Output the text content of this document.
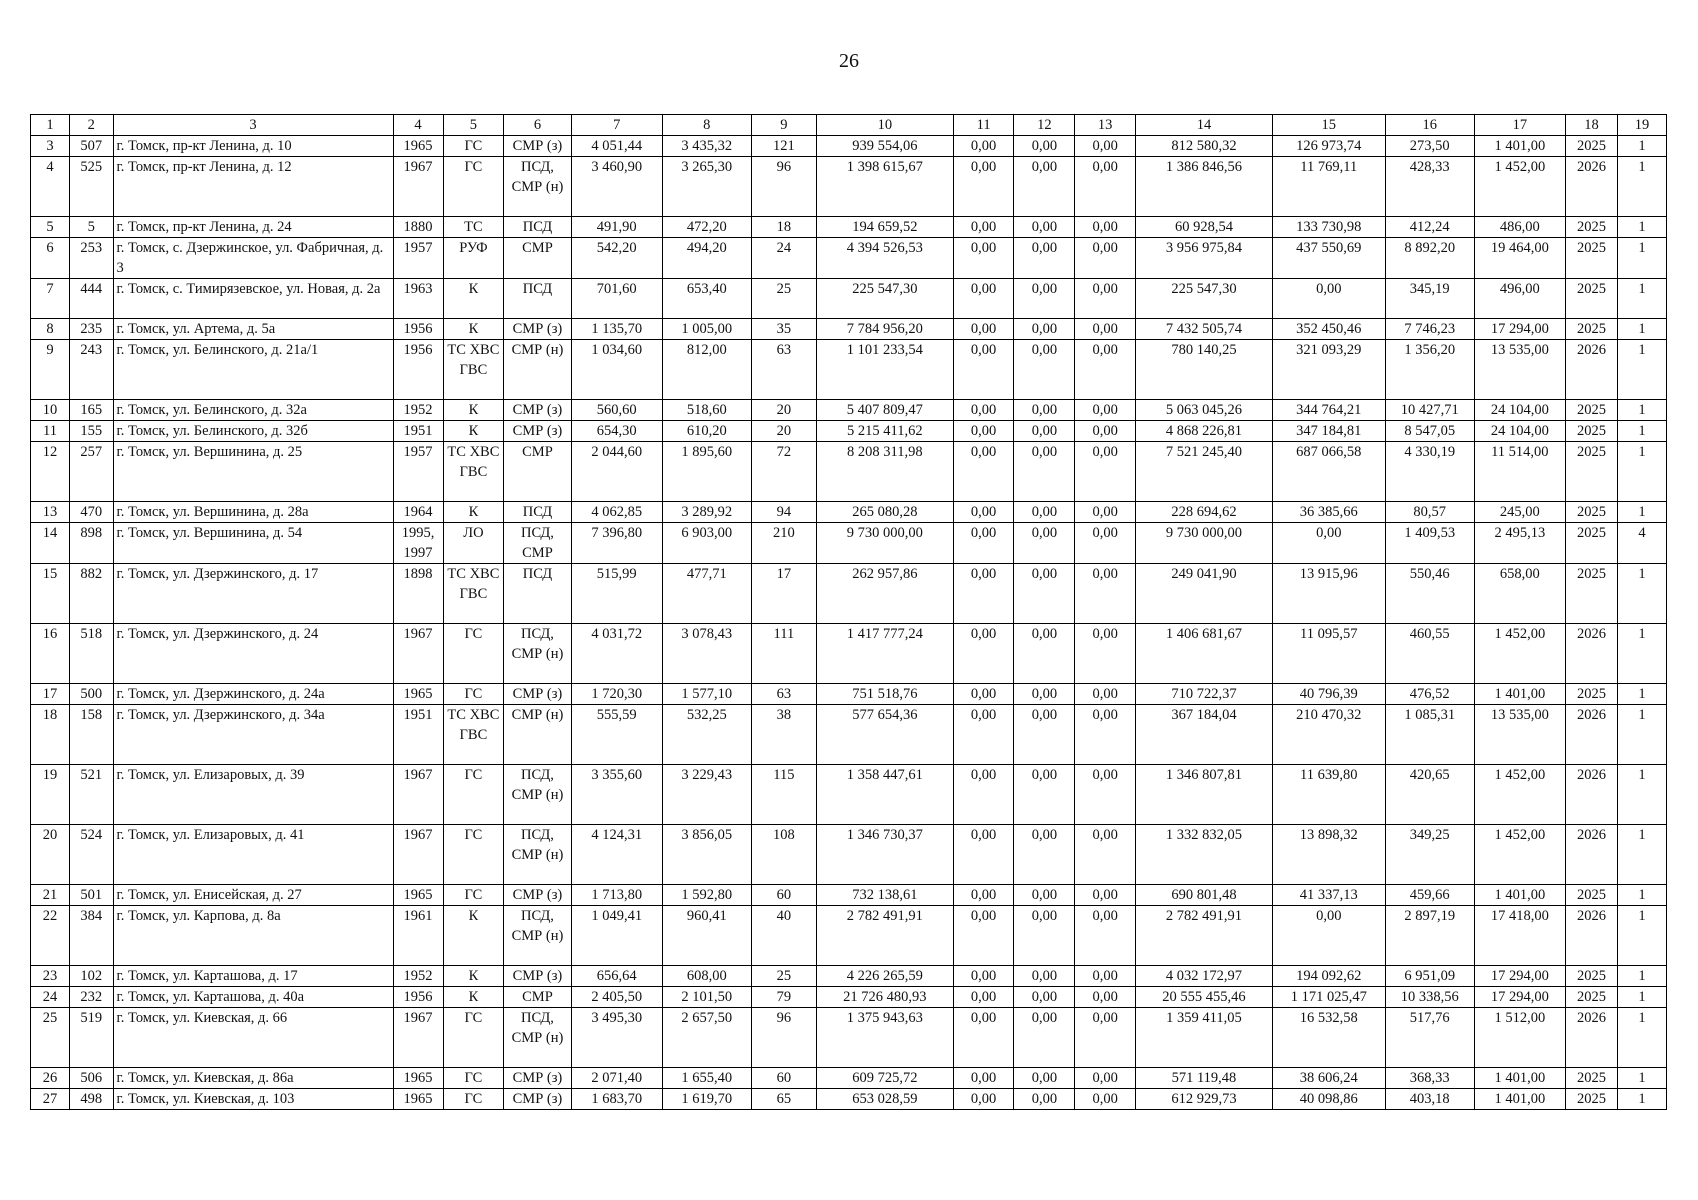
26
1	2	3	4	5	6	7	8	9	10	11	12	13	14	15	16	17	18	19
3	507	г. Томск, пр-кт Ленина, д. 10	1965	ГС	СМР (з)	4 051,44	3 435,32	121	939 554,06	0,00	0,00	0,00	812 580,32	126 973,74	273,50	1 401,00	2025	1
4	525	г. Томск, пр-кт Ленина, д. 12	1967	ГС	ПСД, СМР (н)	3 460,90	3 265,30	96	1 398 615,67	0,00	0,00	0,00	1 386 846,56	11 769,11	428,33	1 452,00	2026	1
5	5	г. Томск, пр-кт Ленина, д. 24	1880	ТС	ПСД	491,90	472,20	18	194 659,52	0,00	0,00	0,00	60 928,54	133 730,98	412,24	486,00	2025	1
6	253	г. Томск, с. Дзержинское, ул. Фабричная, д. 3	1957	РУФ	СМР	542,20	494,20	24	4 394 526,53	0,00	0,00	0,00	3 956 975,84	437 550,69	8 892,20	19 464,00	2025	1
7	444	г. Томск, с. Тимирязевское, ул. Новая, д. 2а	1963	К	ПСД	701,60	653,40	25	225 547,30	0,00	0,00	0,00	225 547,30	0,00	345,19	496,00	2025	1
8	235	г. Томск, ул. Артема, д. 5а	1956	К	СМР (з)	1 135,70	1 005,00	35	7 784 956,20	0,00	0,00	0,00	7 432 505,74	352 450,46	7 746,23	17 294,00	2025	1
9	243	г. Томск, ул. Белинского, д. 21а/1	1956	ТС ХВС ГВС	СМР (н)	1 034,60	812,00	63	1 101 233,54	0,00	0,00	0,00	780 140,25	321 093,29	1 356,20	13 535,00	2026	1
10	165	г. Томск, ул. Белинского, д. 32а	1952	К	СМР (з)	560,60	518,60	20	5 407 809,47	0,00	0,00	0,00	5 063 045,26	344 764,21	10 427,71	24 104,00	2025	1
11	155	г. Томск, ул. Белинского, д. 32б	1951	К	СМР (з)	654,30	610,20	20	5 215 411,62	0,00	0,00	0,00	4 868 226,81	347 184,81	8 547,05	24 104,00	2025	1
12	257	г. Томск, ул. Вершинина, д. 25	1957	ТС ХВС ГВС	СМР	2 044,60	1 895,60	72	8 208 311,98	0,00	0,00	0,00	7 521 245,40	687 066,58	4 330,19	11 514,00	2025	1
13	470	г. Томск, ул. Вершинина, д. 28а	1964	К	ПСД	4 062,85	3 289,92	94	265 080,28	0,00	0,00	0,00	228 694,62	36 385,66	80,57	245,00	2025	1
14	898	г. Томск, ул. Вершинина, д. 54	1995, 1997	ЛО	ПСД, СМР	7 396,80	6 903,00	210	9 730 000,00	0,00	0,00	0,00	9 730 000,00	0,00	1 409,53	2 495,13	2025	4
15	882	г. Томск, ул. Дзержинского, д. 17	1898	ТС ХВС ГВС	ПСД	515,99	477,71	17	262 957,86	0,00	0,00	0,00	249 041,90	13 915,96	550,46	658,00	2025	1
16	518	г. Томск, ул. Дзержинского, д. 24	1967	ГС	ПСД, СМР (н)	4 031,72	3 078,43	111	1 417 777,24	0,00	0,00	0,00	1 406 681,67	11 095,57	460,55	1 452,00	2026	1
17	500	г. Томск, ул. Дзержинского, д. 24а	1965	ГС	СМР (з)	1 720,30	1 577,10	63	751 518,76	0,00	0,00	0,00	710 722,37	40 796,39	476,52	1 401,00	2025	1
18	158	г. Томск, ул. Дзержинского, д. 34а	1951	ТС ХВС ГВС	СМР (н)	555,59	532,25	38	577 654,36	0,00	0,00	0,00	367 184,04	210 470,32	1 085,31	13 535,00	2026	1
19	521	г. Томск, ул. Елизаровых, д. 39	1967	ГС	ПСД, СМР (н)	3 355,60	3 229,43	115	1 358 447,61	0,00	0,00	0,00	1 346 807,81	11 639,80	420,65	1 452,00	2026	1
20	524	г. Томск, ул. Елизаровых, д. 41	1967	ГС	ПСД, СМР (н)	4 124,31	3 856,05	108	1 346 730,37	0,00	0,00	0,00	1 332 832,05	13 898,32	349,25	1 452,00	2026	1
21	501	г. Томск, ул. Енисейская, д. 27	1965	ГС	СМР (з)	1 713,80	1 592,80	60	732 138,61	0,00	0,00	0,00	690 801,48	41 337,13	459,66	1 401,00	2025	1
22	384	г. Томск, ул. Карпова, д. 8а	1961	К	ПСД, СМР (н)	1 049,41	960,41	40	2 782 491,91	0,00	0,00	0,00	2 782 491,91	0,00	2 897,19	17 418,00	2026	1
23	102	г. Томск, ул. Карташова, д. 17	1952	К	СМР (з)	656,64	608,00	25	4 226 265,59	0,00	0,00	0,00	4 032 172,97	194 092,62	6 951,09	17 294,00	2025	1
24	232	г. Томск, ул. Карташова, д. 40а	1956	К	СМР	2 405,50	2 101,50	79	21 726 480,93	0,00	0,00	0,00	20 555 455,46	1 171 025,47	10 338,56	17 294,00	2025	1
25	519	г. Томск, ул. Киевская, д. 66	1967	ГС	ПСД, СМР (н)	3 495,30	2 657,50	96	1 375 943,63	0,00	0,00	0,00	1 359 411,05	16 532,58	517,76	1 512,00	2026	1
26	506	г. Томск, ул. Киевская, д. 86а	1965	ГС	СМР (з)	2 071,40	1 655,40	60	609 725,72	0,00	0,00	0,00	571 119,48	38 606,24	368,33	1 401,00	2025	1
27	498	г. Томск, ул. Киевская, д. 103	1965	ГС	СМР (з)	1 683,70	1 619,70	65	653 028,59	0,00	0,00	0,00	612 929,73	40 098,86	403,18	1 401,00	2025	1
